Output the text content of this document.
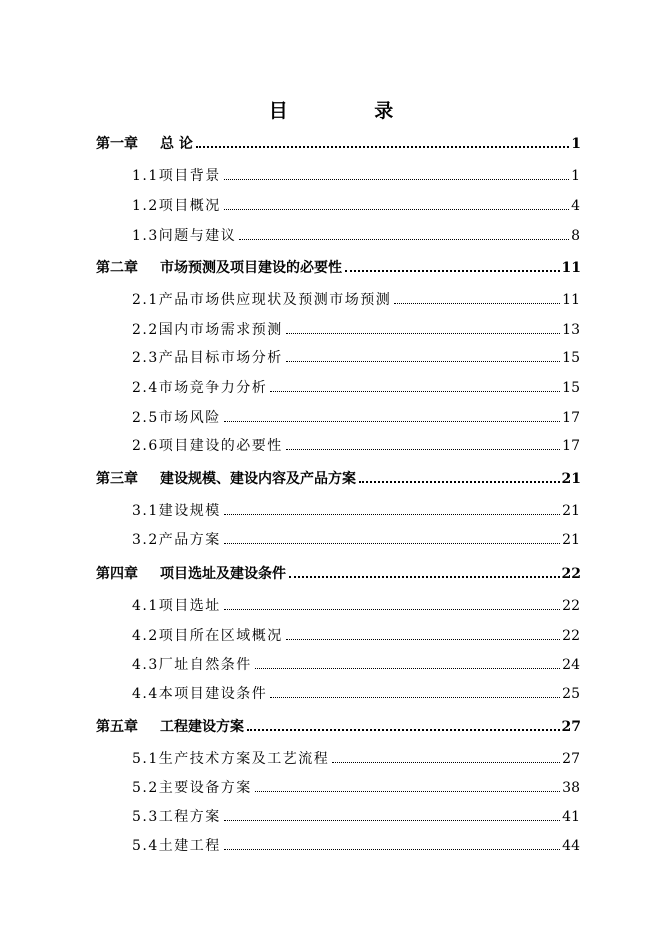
目 录
第一章 总 论	1
1.1项目背景	1
1.2项目概况	4
1.3问题与建议	8
第二章 市场预测及项目建设的必要性	11
2.1产品市场供应现状及预测市场预测	11
2.2国内市场需求预测	13
2.3产品目标市场分析	15
2.4市场竞争力分析	15
2.5市场风险	17
2.6项目建设的必要性	17
第三章 建设规模、建设内容及产品方案	21
3.1建设规模	21
3.2产品方案	21
第四章 项目选址及建设条件	22
4.1项目选址	22
4.2项目所在区域概况	22
4.3厂址自然条件	24
4.4本项目建设条件	25
第五章 工程建设方案	27
5.1生产技术方案及工艺流程	27
5.2主要设备方案	38
5.3工程方案	41
5.4土建工程	44
